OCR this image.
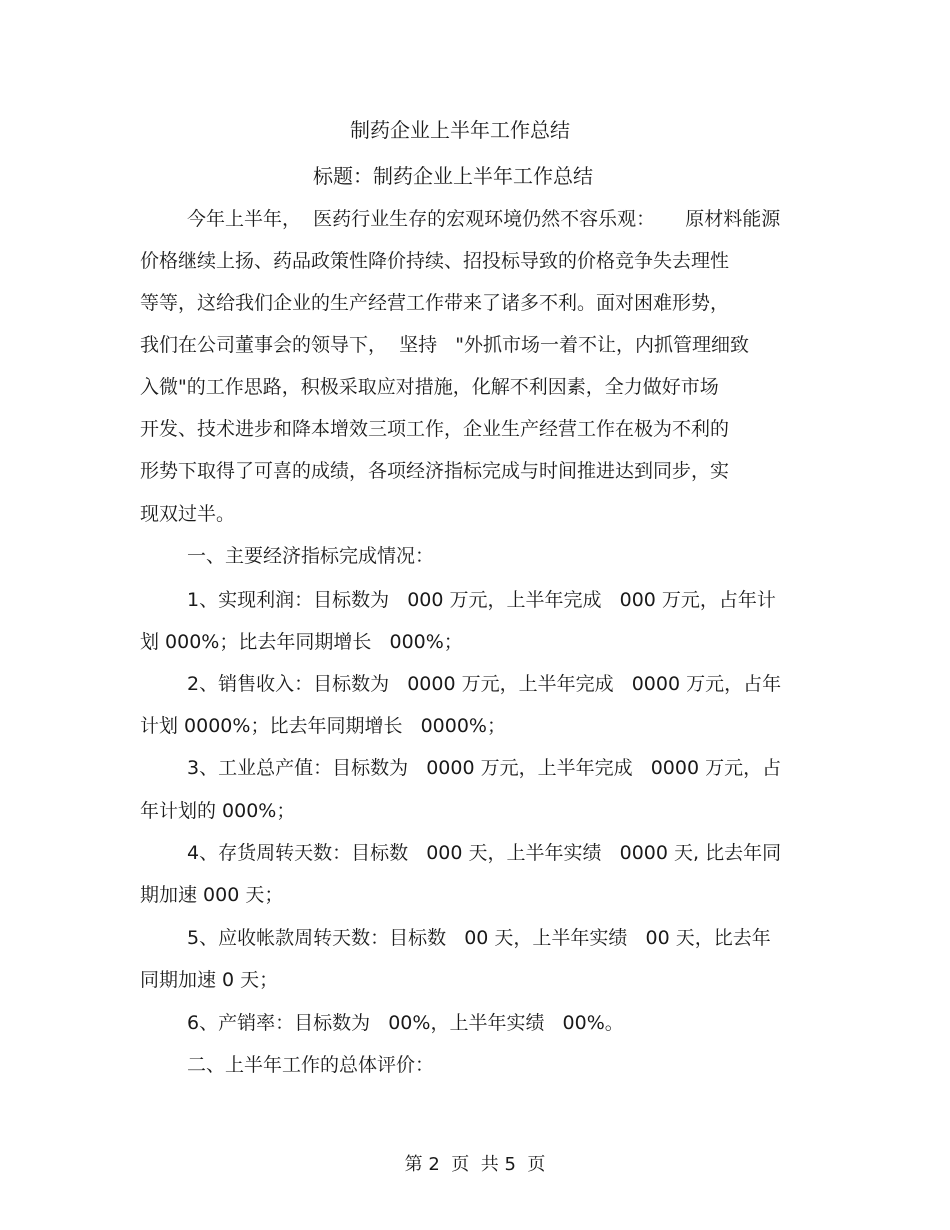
制药企业上半年工作总结
标题：制药企业上半年工作总结
今年上半年，  医药行业生存的宏观环境仍然不容乐观：     原材料能源
价格继续上扬、药品政策性降价持续、招投标导致的价格竞争失去理性
等等，这给我们企业的生产经营工作带来了诸多不利。面对困难形势，
我们在公司董事会的领导下，  坚持   "外抓市场一着不让，内抓管理细致
入微"的工作思路，积极采取应对措施，化解不利因素，全力做好市场
开发、技术进步和降本增效三项工作，企业生产经营工作在极为不利的
形势下取得了可喜的成绩，各项经济指标完成与时间推进达到同步，实
现双过半。
一、主要经济指标完成情况：
1、实现利润：目标数为   000 万元，上半年完成   000 万元，占年计
划 000%；比去年同期增长   000%；
2、销售收入：目标数为   0000 万元，上半年完成   0000 万元，占年
计划 0000%；比去年同期增长   0000%；
3、工业总产值：目标数为   0000 万元，上半年完成   0000 万元，占
年计划的 000%；
4、存货周转天数：目标数   000 天，上半年实绩   0000 天, 比去年同
期加速 000 天；
5、应收帐款周转天数：目标数   00 天，上半年实绩   00 天，比去年
同期加速 0 天；
6、产销率：目标数为   00%，上半年实绩   00%。
二、上半年工作的总体评价：
第 2  页  共 5  页
